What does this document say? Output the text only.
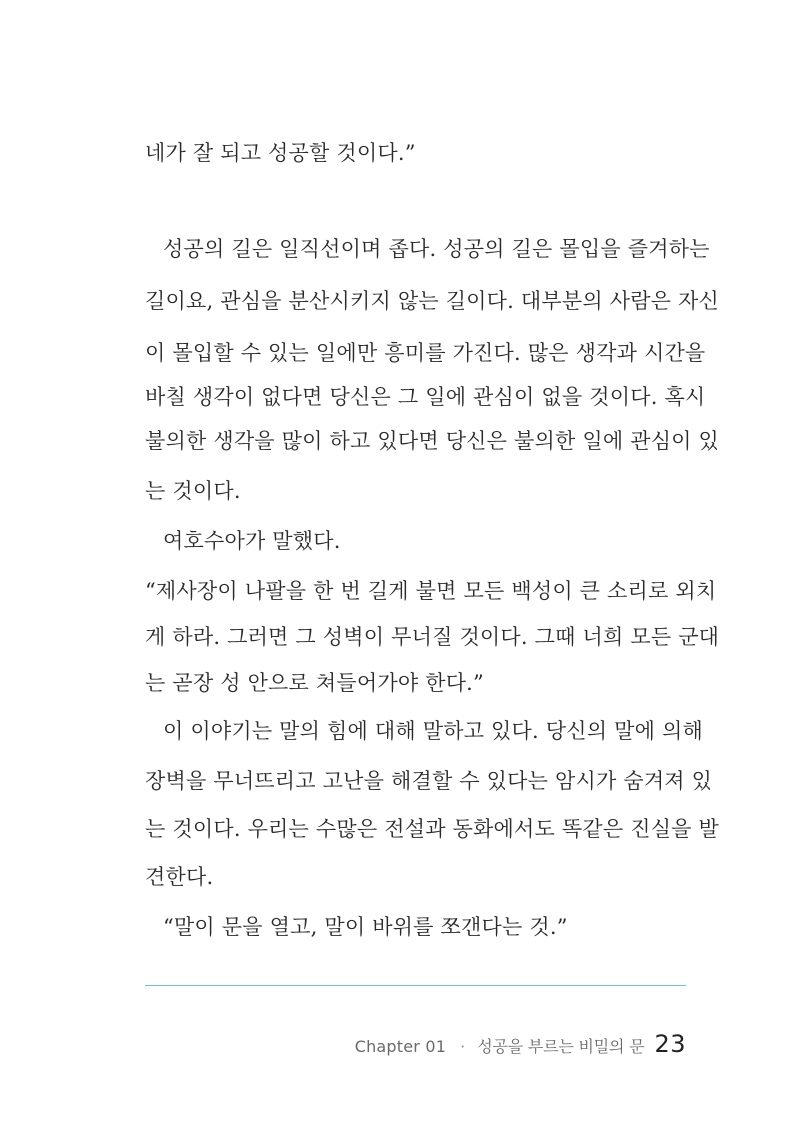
네가 잘 되고 성공할 것이다.”
성공의 길은 일직선이며 좁다. 성공의 길은 몰입을 즐겨하는
길이요, 관심을 분산시키지 않는 길이다. 대부분의 사람은 자신
이 몰입할 수 있는 일에만 흥미를 가진다. 많은 생각과 시간을
바칠 생각이 없다면 당신은 그 일에 관심이 없을 것이다. 혹시
불의한 생각을 많이 하고 있다면 당신은 불의한 일에 관심이 있
는 것이다.
여호수아가 말했다.
“제사장이 나팔을 한 번 길게 불면 모든 백성이 큰 소리로 외치
게 하라. 그러면 그 성벽이 무너질 것이다. 그때 너희 모든 군대
는 곧장 성 안으로 쳐들어가야 한다.”
이 이야기는 말의 힘에 대해 말하고 있다. 당신의 말에 의해
장벽을 무너뜨리고 고난을 해결할 수 있다는 암시가 숨겨져 있
는 것이다. 우리는 수많은 전설과 동화에서도 똑같은 진실을 발
견한다.
“말이 문을 열고, 말이 바위를 쪼갠다는 것.”
Chapter 01 · 성공을 부르는 비밀의 문 23
